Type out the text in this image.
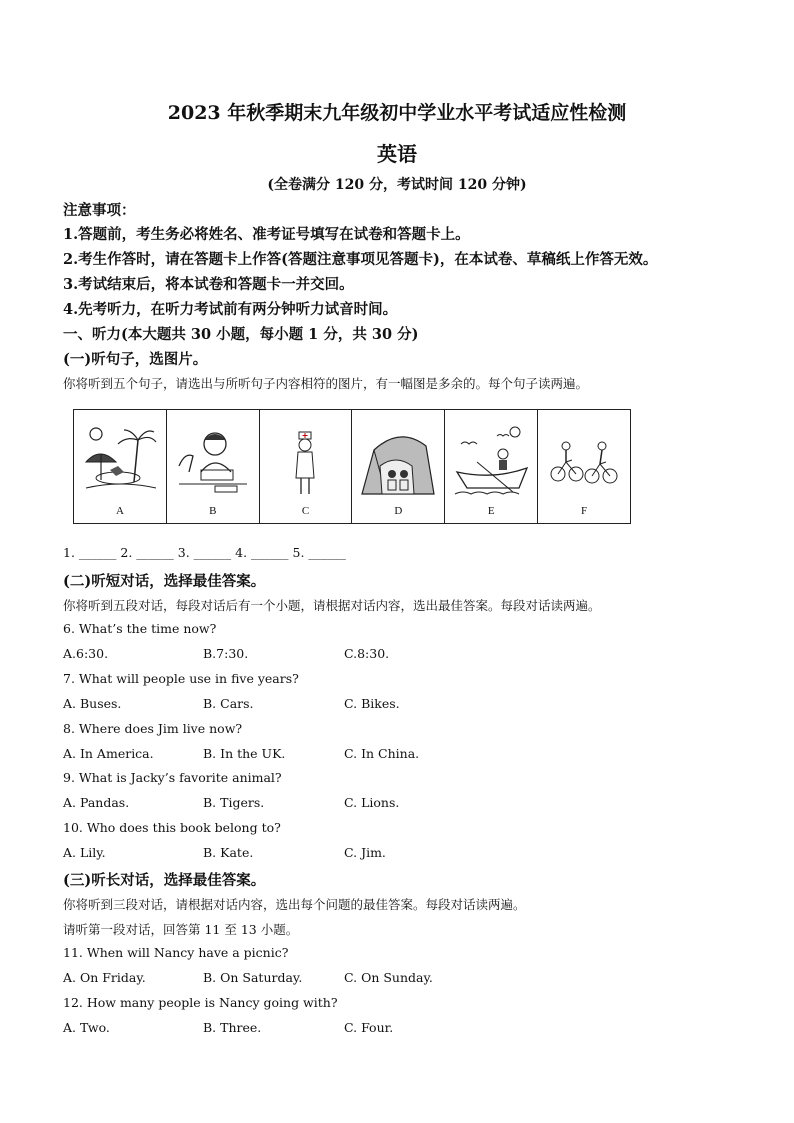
2023 年秋季期末九年级初中学业水平考试适应性检测
英语
(全卷满分 120 分，考试时间 120 分钟)
注意事项：
1.答题前，考生务必将姓名、准考证号填写在试卷和答题卡上。
2.考生作答时，请在答题卡上作答(答题注意事项见答题卡)，在本试卷、草稿纸上作答无效。
3.考试结束后，将本试卷和答题卡一并交回。
4.先考听力，在听力考试前有两分钟听力试音时间。
一、听力(本大题共 30 小题，每小题 1 分，共 30 分)
(一)听句子，选图片。
你将听到五个句子，请选出与所听句子内容相符的图片，有一幅图是多余的。每个句子读两遍。
A	B	C	D	E	F
1. ______ 2. ______ 3. ______ 4. ______ 5. ______
(二)听短对话，选择最佳答案。
你将听到五段对话，每段对话后有一个小题，请根据对话内容，选出最佳答案。每段对话读两遍。
6. What’s the time now?
A.6:30.	B.7:30.	C.8:30.
7. What will people use in five years?
A. Buses.	B. Cars.	C. Bikes.
8. Where does Jim live now?
A. In America.	B. In the UK.	C. In China.
9. What is Jacky’s favorite animal?
A. Pandas.	B. Tigers.	C. Lions.
10. Who does this book belong to?
A. Lily.	B. Kate.	C. Jim.
(三)听长对话，选择最佳答案。
你将听到三段对话，请根据对话内容，选出每个问题的最佳答案。每段对话读两遍。
请听第一段对话，回答第 11 至 13 小题。
11. When will Nancy have a picnic?
A. On Friday.	B. On Saturday.	C. On Sunday.
12. How many people is Nancy going with?
A. Two.	B. Three.	C. Four.
